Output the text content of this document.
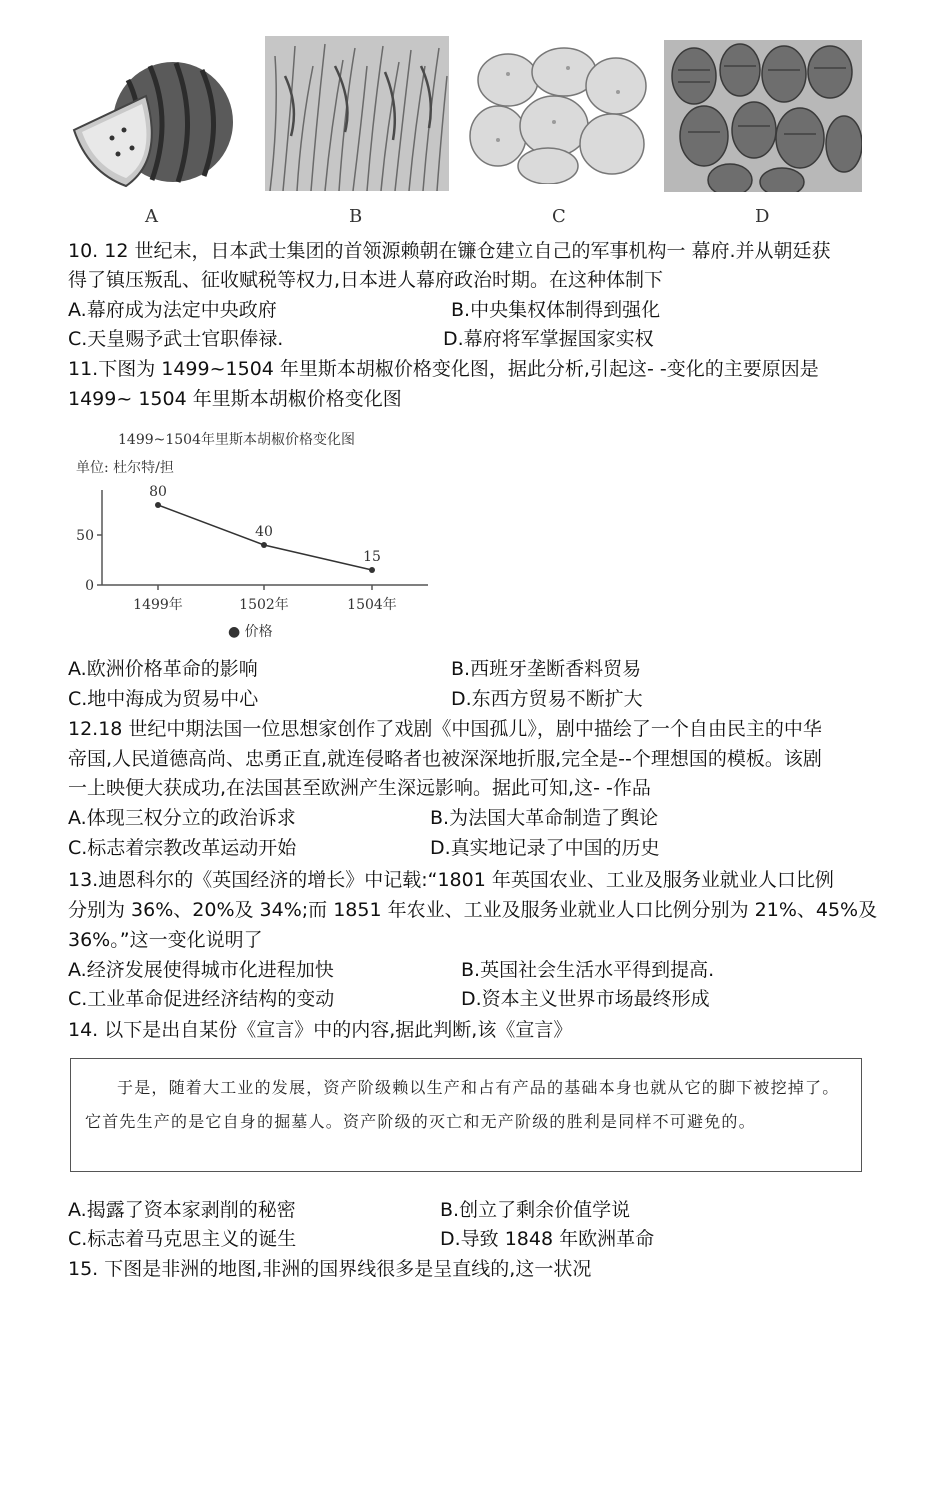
A	B	C	D
10. 12 世纪末，日本武士集团的首领源赖朝在镰仓建立自己的军事机构一 幕府.并从朝廷获
得了镇压叛乱、征收赋税等权力,日本进人幕府政治时期。在这种体制下
A.幕府成为法定中央政府	B.中央集权体制得到强化
C.天皇赐予武士官职俸禄.	D.幕府将军掌握国家实权
11.下图为 1499~1504 年里斯本胡椒价格变化图，据此分析,引起这- -变化的主要原因是
1499~ 1504 年里斯本胡椒价格变化图
1499~1504年里斯本胡椒价格变化图
单位: 杜尔特/担
0
50
80
1499年
40
1502年
15
1504年
● 价格
A.欧洲价格革命的影响	B.西班牙垄断香料贸易
C.地中海成为贸易中心	D.东西方贸易不断扩大
12.18 世纪中期法国一位思想家创作了戏剧《中国孤儿》，剧中描绘了一个自由民主的中华
帝国,人民道德高尚、忠勇正直,就连侵略者也被深深地折服,完全是--个理想国的模板。该剧
一上映便大获成功,在法国甚至欧洲产生深远影响。据此可知,这- -作品
A.体现三权分立的政治诉求	B.为法国大革命制造了舆论
C.标志着宗教改革运动开始	D.真实地记录了中国的历史
13.迪恩科尔的《英国经济的增长》中记载:“1801 年英国农业、工业及服务业就业人口比例
分别为 36%、20%及 34%;而 1851 年农业、工业及服务业就业人口比例分别为 21%、45%及
36%。”这一变化说明了
A.经济发展使得城市化进程加快	B.英国社会生活水平得到提高.
C.工业革命促进经济结构的变动	D.资本主义世界市场最终形成
14. 以下是出自某份《宣言》中的内容,据此判断,该《宣言》

于是，随着大工业的发展，资产阶级赖以生产和占有产品的基础本身也就从它的脚下被挖掉了。它首先生产的是它自身的掘墓人。资产阶级的灭亡和无产阶级的胜利是同样不可避免的。

A.揭露了资本家剥削的秘密	B.创立了剩余价值学说
C.标志着马克思主义的诞生	D.导致 1848 年欧洲革命
15. 下图是非洲的地图,非洲的国界线很多是呈直线的,这一状况
